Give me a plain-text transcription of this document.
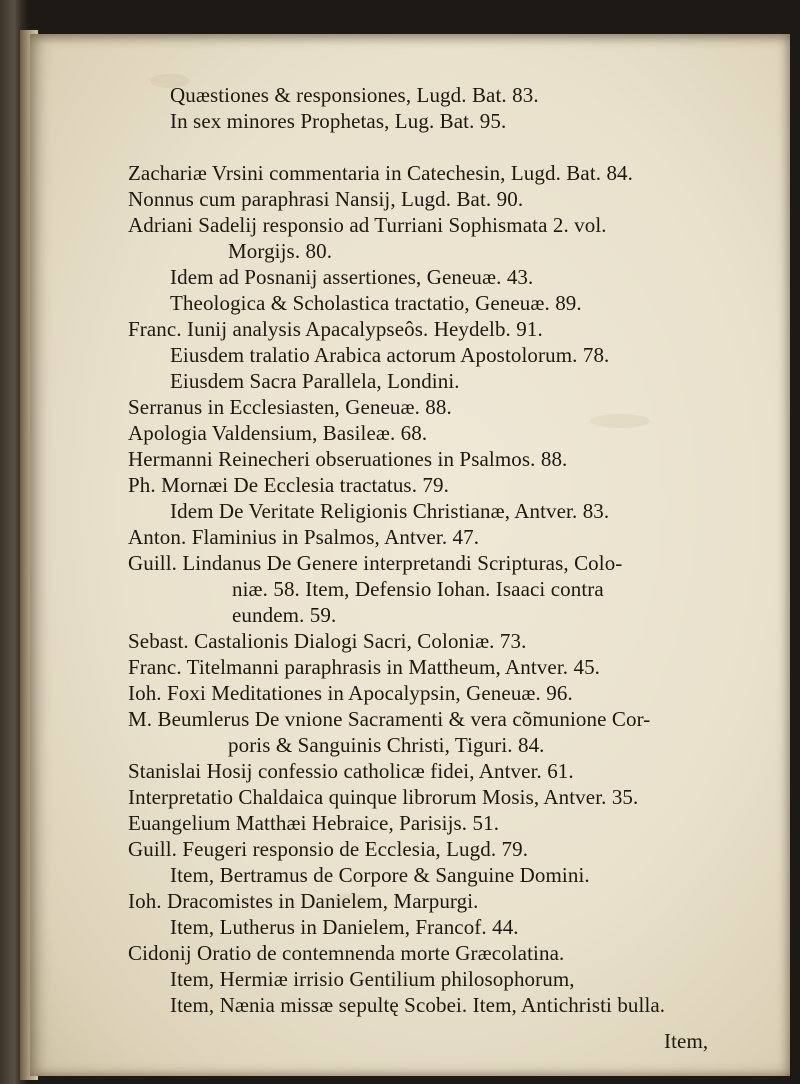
Quæstiones & responsiones, Lugd. Bat. 83.
In sex minores Prophetas, Lug. Bat. 95.
Zachariæ Vrsini commentaria in Catechesin, Lugd. Bat. 84.
Nonnus cum paraphrasi Nansij, Lugd. Bat. 90.
Adriani Sadelij responsio ad Turriani Sophismata 2. vol.
Morgijs. 80.
Idem ad Posnanij assertiones, Geneuæ. 43.
Theologica & Scholastica tractatio, Geneuæ. 89.
Franc. Iunij analysis Apacalypseôs. Heydelb. 91.
Eiusdem tralatio Arabica actorum Apostolorum. 78.
Eiusdem Sacra Parallela, Londini.
Serranus in Ecclesiasten, Geneuæ. 88.
Apologia Valdensium, Basileæ. 68.
Hermanni Reinecheri obseruationes in Psalmos. 88.
Ph. Mornæi De Ecclesia tractatus. 79.
Idem De Veritate Religionis Christianæ, Antver. 83.
Anton. Flaminius in Psalmos, Antver. 47.
Guill. Lindanus De Genere interpretandi Scripturas, Colo-
niæ. 58. Item, Defensio Iohan. Isaaci contra
eundem. 59.
Sebast. Castalionis Dialogi Sacri, Coloniæ. 73.
Franc. Titelmanni paraphrasis in Mattheum, Antver. 45.
Ioh. Foxi Meditationes in Apocalypsin, Geneuæ. 96.
M. Beumlerus De vnione Sacramenti & vera cõmunione Cor-
poris & Sanguinis Christi, Tiguri. 84.
Stanislai Hosij confessio catholicæ fidei, Antver. 61.
Interpretatio Chaldaica quinque librorum Mosis, Antver. 35.
Euangelium Matthæi Hebraice, Parisijs. 51.
Guill. Feugeri responsio de Ecclesia, Lugd. 79.
Item, Bertramus de Corpore & Sanguine Domini.
Ioh. Dracomistes in Danielem, Marpurgi.
Item, Lutherus in Danielem, Francof. 44.
Cidonij Oratio de contemnenda morte Græcolatina.
Item, Hermiæ irrisio Gentilium philosophorum,
Item, Nænia missæ sepultę Scobei. Item, Antichristi bulla.
Item,
